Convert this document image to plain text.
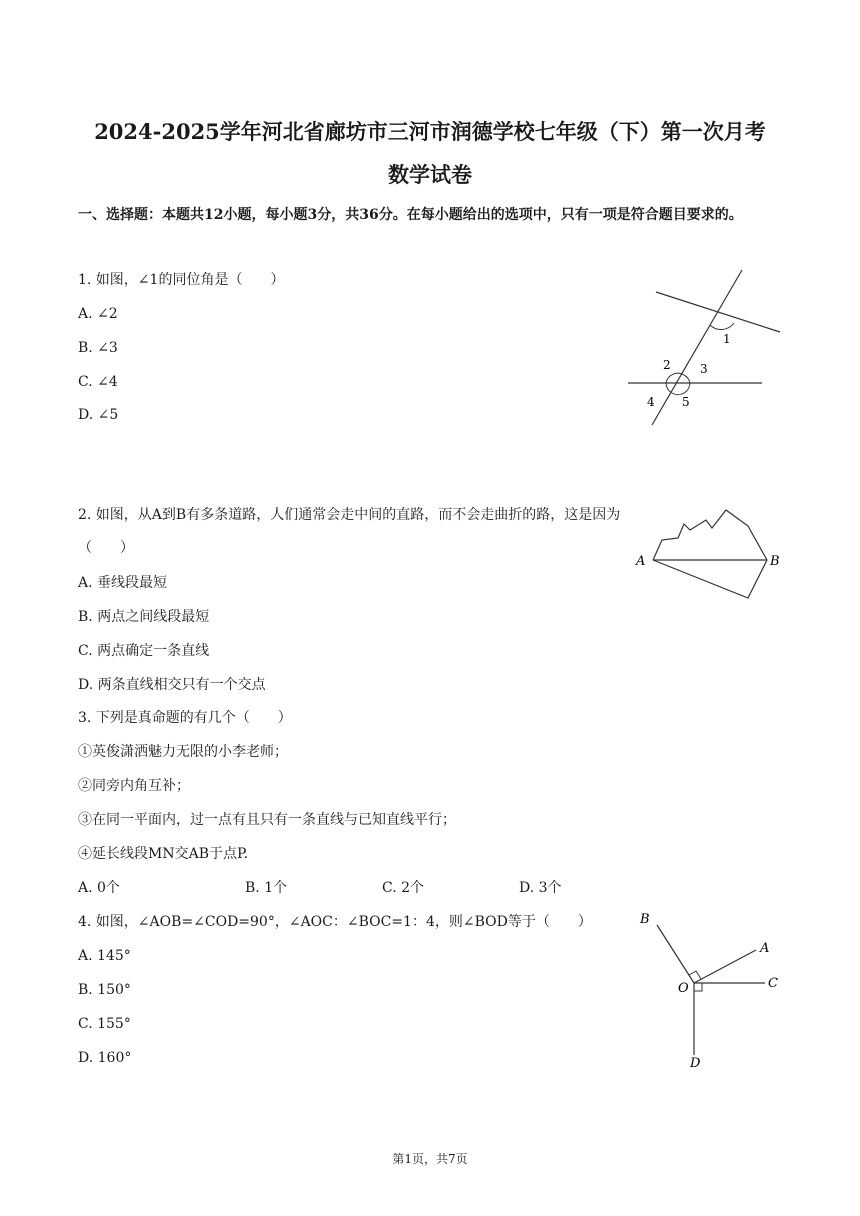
2024-2025学年河北省廊坊市三河市润德学校七年级（下）第一次月考
数学试卷
一、选择题：本题共12小题，每小题3分，共36分。在每小题给出的选项中，只有一项是符合题目要求的。
1. 如图，∠1的同位角是（　　）
A. ∠2
B. ∠3
C. ∠4
D. ∠5
1
2 3
4 5
2. 如图，从A到B有多条道路，人们通常会走中间的直路，而不会走曲折的路，这是因为（　　）
A. 垂线段最短
B. 两点之间线段最短
C. 两点确定一条直线
D. 两条直线相交只有一个交点
A	B
3. 下列是真命题的有几个（　　）
①英俊潇洒魅力无限的小李老师；
②同旁内角互补；
③在同一平面内，过一点有且只有一条直线与已知直线平行；
④延长线段MN交AB于点P.
A. 0个	B. 1个	C. 2个	D. 3个
4. 如图，∠AOB=∠COD=90°，∠AOC：∠BOC=1：4，则∠BOD等于（　　）
A. 145°
B. 150°
C. 155°
D. 160°
B
A
O	C
D
第1页，共7页
